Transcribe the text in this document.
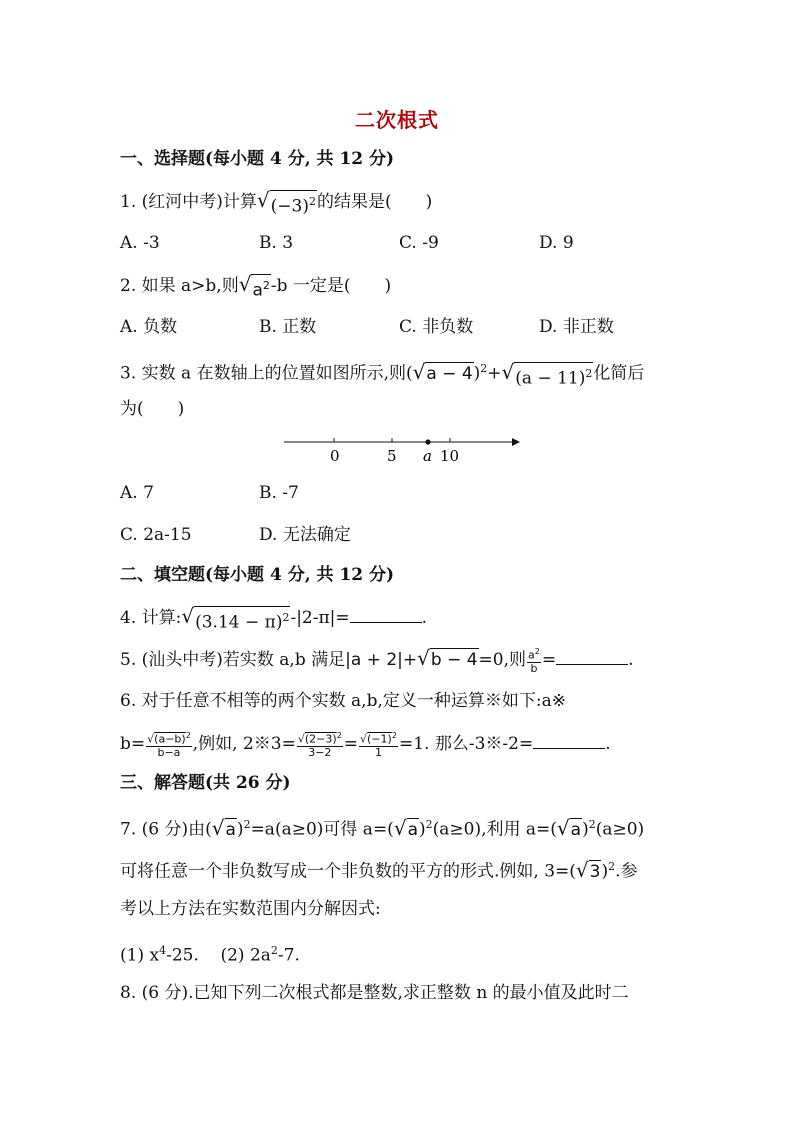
二次根式
一、选择题(每小题 4 分, 共 12 分)
1. (红河中考)计算 √ $(-3)^2$ 的结果是( )
A. -3	B. 3	C. -9	D. 9
2. 如果 a>b,则 √ $a^2$ -b 一定是( )
A. 负数	B. 正数	C. 非负数	D. 非正数
3. 实数 a 在数轴上的位置如图所示,则( √ a − 4 )$^2$+ √ $(a - 11)^2$ 化简后
为( )
0	5 a 10
A. 7	B. -7
C. 2a-15	D. 无法确定
二、填空题(每小题 4 分, 共 12 分)
4. 计算: √ $(3.14 - \pi)^2$ -|2-π|=	.
5. (汕头中考)若实数 a,b 满足|a + 2|+ √ b − 4 =0,则 $\frac{a^2}{b}$ =	.
6. 对于任意不相等的两个实数 a,b,定义一种运算※如下:a※
$b= \frac{√(a-b)^2}{b-a}$ ,例如, 2※3= $\frac{√(2-3)^2}{3-2} = \frac{√(-1)^2}{1} =1$. 那么-3※-2=	.
三、解答题(共 26 分)
7. (6 分)由( √ a )$^2$=a(a≥0)可得 a=( √ a )$^2$(a≥0),利用 a=( √ a )$^2$(a≥0)
可将任意一个非负数写成一个非负数的平方的形式.例如, 3=( √ 3 )$^2$.参
考以上方法在实数范围内分解因式:
(1) $x^4-25$.    (2) $2a^2-7$.
8. (6 分).已知下列二次根式都是整数,求正整数 n 的最小值及此时二
